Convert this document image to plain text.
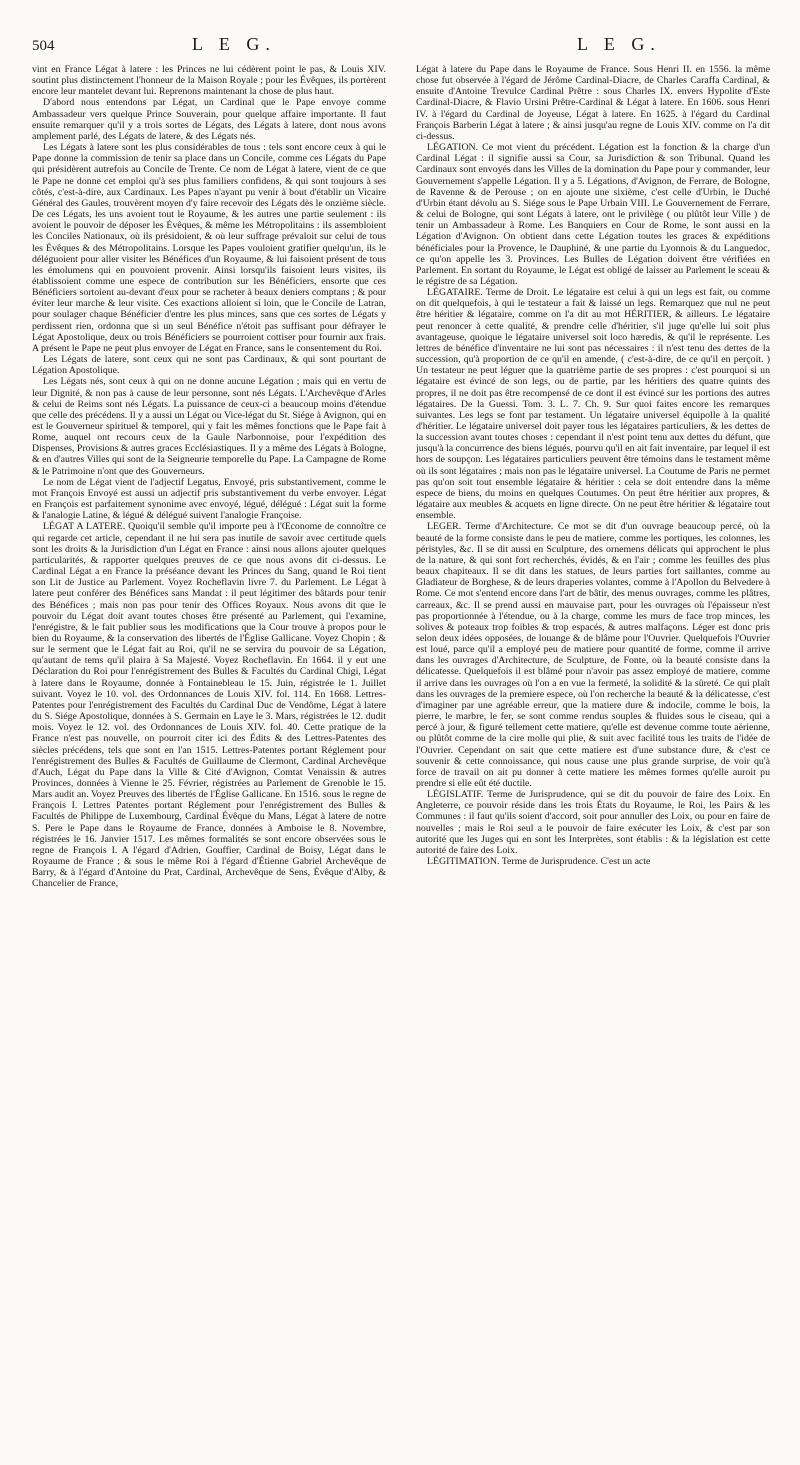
504	L E G.	L E G.

vint en France Légat à latere : les Princes ne lui cédèrent point le pas, & Louis XIV. soutint plus distinctement l'honneur de la Maison Royale ; pour les Évêques, ils portèrent encore leur mantelet devant lui. Reprenons maintenant la chose de plus haut.

D'abord nous entendons par Légat, un Cardinal que le Pape envoye comme Ambassadeur vers quelque Prince Souverain, pour quelque affaire importante. Il faut ensuite remarquer qu'il y a trois sortes de Légats, des Légats à latere, dont nous avons amplement parlé, des Légats de latere, & des Légats nés.

Les Légats à latere sont les plus considérables de tous : tels sont encore ceux à qui le Pape donne la commission de tenir sa place dans un Concile, comme ces Légats du Pape qui présidèrent autrefois au Concile de Trente. Ce nom de Légat à latere, vient de ce que le Pape ne donne cet emploi qu'à ses plus familiers confidens, & qui sont toujours à ses côtés, c'est-à-dire, aux Cardinaux. Les Papes n'ayant pu venir à bout d'établir un Vicaire Général des Gaules, trouvèrent moyen d'y faire recevoir des Légats dès le onzième siècle. De ces Légats, les uns avoient tout le Royaume, & les autres une partie seulement : ils avoient le pouvoir de déposer les Évêques, & même les Métropolitains : ils assembloient les Conciles Nationaux, où ils présidoient, & où leur suffrage prévaloit sur celui de tous les Évêques & des Métropolitains. Lorsque les Papes vouloient gratifier quelqu'un, ils le déléguoient pour aller visiter les Bénéfices d'un Royaume, & lui faisoient présent de tous les émolumens qui en pouvoient provenir. Ainsi lorsqu'ils faisoient leurs visites, ils établissoient comme une espece de contribution sur les Bénéficiers, ensorte que ces Bénéficiers sortoient au-devant d'eux pour se racheter à beaux deniers comptans ; & pour éviter leur marche & leur visite. Ces exactions alloient si loin, que le Concile de Latran, pour soulager chaque Bénéficier d'entre les plus minces, sans que ces sortes de Légats y perdissent rien, ordonna que si un seul Bénéfice n'étoit pas suffisant pour défrayer le Légat Apostolique, deux ou trois Bénéficiers se pourroient cottiser pour fournir aux frais. A présent le Pape ne peut plus envoyer de Légat en France, sans le consentement du Roi.

Les Légats de latere, sont ceux qui ne sont pas Cardinaux, & qui sont pourtant de Légation Apostolique.

Les Légats nés, sont ceux à qui on ne donne aucune Légation ; mais qui en vertu de leur Dignité, & non pas à cause de leur personne, sont nés Légats. L'Archevêque d'Arles & celui de Reims sont nés Légats. La puissance de ceux-ci a beaucoup moins d'étendue que celle des précédens. Il y a aussi un Légat ou Vice-légat du St. Siége à Avignon, qui en est le Gouverneur spirituel & temporel, qui y fait les mêmes fonctions que le Pape fait à Rome, auquel ont recours ceux de la Gaule Narbonnoise, pour l'expédition des Dispenses, Provisions & autres graces Ecclésiastiques. Il y a même des Légats à Bologne, & en d'autres Villes qui sont de la Seigneurie temporelle du Pape. La Campagne de Rome & le Patrimoine n'ont que des Gouverneurs.

Le nom de Légat vient de l'adjectif Legatus, Envoyé, pris substantivement, comme le mot François Envoyé est aussi un adjectif pris substantivement du verbe envoyer. Légat en François est parfaitement synonime avec envoyé, légué, délégué : Légat suit la forme & l'analogie Latine, & légué & délégué suivent l'analogie Françoise.

LÉGAT A LATERE. Quoiqu'il semble qu'il importe peu à l'Œconome de connoître ce qui regarde cet article, cependant il ne lui sera pas inutile de savoir avec certitude quels sont les droits & la Jurisdiction d'un Légat en France : ainsi nous allons ajouter quelques particularités, & rapporter quelques preuves de ce que nous avons dit ci-dessus. Le Cardinal Légat a en France la préséance devant les Princes du Sang, quand le Roi tient son Lit de Justice au Parlement. Voyez Rocheflavin livre 7. du Parlement. Le Légat à latere peut conférer des Bénéfices sans Mandat : il peut légitimer des bâtards pour tenir des Bénéfices ; mais non pas pour tenir des Offices Royaux. Nous avons dit que le pouvoir du Légat doit avant toutes choses être présenté au Parlement, qui l'examine, l'enrégistre, & le fait publier sous les modifications que la Cour trouve à propos pour le bien du Royaume, & la conservation des libertés de l'Église Gallicane. Voyez Chopin ; & sur le serment que le Légat fait au Roi, qu'il ne se servira du pouvoir de sa Légation, qu'autant de tems qu'il plaira à Sa Majesté. Voyez Rocheflavin. En 1664. il y eut une Déclaration du Roi pour l'enrégistrement des Bulles & Facultés du Cardinal Chigi, Légat à latere dans le Royaume, donnée à Fontainebleau le 15. Juin, régistrée le 1. Juillet suivant. Voyez le 10. vol. des Ordonnances de Louis XIV. fol. 114. En 1668. Lettres-Patentes pour l'enrégistrement des Facultés du Cardinal Duc de Vendôme, Légat à latere du S. Siége Apostolique, données à S. Germain en Laye le 3. Mars, régistrées le 12. dudit mois. Voyez le 12. vol. des Ordonnances de Louis XIV. fol. 40. Cette pratique de la France n'est pas nouvelle, on pourroit citer ici des Édits & des Lettres-Patentes des siècles précédens, tels que sont en l'an 1515. Lettres-Patentes portant Réglement pour l'enrégistrement des Bulles & Facultés de Guillaume de Clermont, Cardinal Archevêque d'Auch, Légat du Pape dans la Ville & Cité d'Avignon, Comtat Venaissin & autres Provinces, données à Vienne le 25. Février, régistrées au Parlement de Grenoble le 15. Mars audit an. Voyez Preuves des libertés de l'Église Gallicane. En 1516. sous le regne de François I. Lettres Patentes portant Réglement pour l'enrégistrement des Bulles & Facultés de Philippe de Luxembourg, Cardinal Évêque du Mans, Légat à latere de notre S. Pere le Pape dans le Royaume de France, données à Amboise le 8. Novembre, régistrées le 16. Janvier 1517. Les mêmes formalités se sont encore observées sous le regne de François I. A l'égard d'Adrien, Gouffier, Cardinal de Boisy, Légat dans le Royaume de France ; & sous le même Roi à l'égard d'Étienne Gabriel Archevêque de Barry, & à l'égard d'Antoine du Prat, Cardinal, Archevêque de Sens, Évêque d'Alby, & Chancelier de France,

Légat à latere du Pape dans le Royaume de France. Sous Henri II. en 1556. la même chose fut observée à l'égard de Jérôme Cardinal-Diacre, de Charles Caraffa Cardinal, & ensuite d'Antoine Trevulce Cardinal Prêtre : sous Charles IX. envers Hypolite d'Este Cardinal-Diacre, & Flavio Ursini Prêtre-Cardinal & Légat à latere. En 1606. sous Henri IV. à l'égard du Cardinal de Joyeuse, Légat à latere. En 1625. à l'égard du Cardinal François Barberin Légat à latere ; & ainsi jusqu'au regne de Louis XIV. comme on l'a dit ci-dessus.

LÉGATION. Ce mot vient du précédent. Légation est la fonction & la charge d'un Cardinal Légat : il signifie aussi sa Cour, sa Jurisdiction & son Tribunal. Quand les Cardinaux sont envoyés dans les Villes de la domination du Pape pour y commander, leur Gouvernement s'appelle Légation. Il y a 5. Légations, d'Avignon, de Ferrare, de Bologne, de Ravenne & de Perouse ; on en ajoute une sixième, c'est celle d'Urbin, le Duché d'Urbin étant dévolu au S. Siége sous le Pape Urbain VIII. Le Gouvernement de Ferrare, & celui de Bologne, qui sont Légats à latere, ont le privilège ( ou plûtôt leur Ville ) de tenir un Ambassadeur à Rome. Les Banquiers en Cour de Rome, le sont aussi en la Légation d'Avignon. On obtient dans cette Légation toutes les graces & expéditions bénéficiales pour la Provence, le Dauphiné, & une partie du Lyonnois & du Languedoc, ce qu'on appelle les 3. Provinces. Les Bulles de Légation doivent être vérifiées en Parlement. En sortant du Royaume, le Légat est obligé de laisser au Parlement le sceau & le régistre de sa Légation.

LÉGATAIRE. Terme de Droit. Le légataire est celui à qui un legs est fait, ou comme on dit quelquefois, à qui le testateur a fait & laissé un legs. Remarquez que nul ne peut être héritier & légataire, comme on l'a dit au mot HÉRITIER, & ailleurs. Le légataire peut renoncer à cette qualité, & prendre celle d'héritier, s'il juge qu'elle lui soit plus avantageuse, quoique le légataire universel soit loco hæredis, & qu'il le représente. Les lettres de bénéfice d'inventaire ne lui sont pas nécessaires : il n'est tenu des dettes de la succession, qu'à proportion de ce qu'il en amende, ( c'est-à-dire, de ce qu'il en perçoit. ) Un testateur ne peut léguer que la quatrième partie de ses propres : c'est pourquoi si un légataire est évincé de son legs, ou de partie, par les héritiers des quatre quints des propres, il ne doit pas être recompensé de ce dont il est évincé sur les portions des autres légataires. De la Guessi. Tom. 3. L. 7. Ch. 9. Sur quoi faites encore les remarques suivantes. Les legs se font par testament. Un légataire universel équipolle à la qualité d'héritier. Le légataire universel doit payer tous les légataires particuliers, & les dettes de la succession avant toutes choses : cependant il n'est point tenu aux dettes du défunt, que jusqu'à la concurrence des biens légués, pourvu qu'il en ait fait inventaire, par lequel il est hors de soupçon. Les légataires particuliers peuvent être témoins dans le testament même où ils sont légataires ; mais non pas le légataire universel. La Coutume de Paris ne permet pas qu'on soit tout ensemble légataire & héritier : cela se doit entendre dans la même espece de biens, du moins en quelques Coutumes. On peut être héritier aux propres, & légataire aux meubles & acquets en ligne directe. On ne peut être héritier & légataire tout ensemble.

LEGER. Terme d'Architecture. Ce mot se dit d'un ouvrage beaucoup percé, où la beauté de la forme consiste dans le peu de matiere, comme les portiques, les colonnes, les péristyles, &c. Il se dit aussi en Sculpture, des ornemens délicats qui approchent le plus de la nature, & qui sont fort recherchés, évidés, & en l'air ; comme les feuilles des plus beaux chapiteaux. Il se dit dans les statues, de leurs parties fort saillantes, comme au Gladiateur de Borghese, & de leurs draperies volantes, comme à l'Apollon du Belvedere à Rome. Ce mot s'entend encore dans l'art de bâtir, des menus ouvrages, comme les plâtres, carreaux, &c. Il se prend aussi en mauvaise part, pour les ouvrages où l'épaisseur n'est pas proportionnée à l'étendue, ou à la charge, comme les murs de face trop minces, les solives & poteaux trop foibles & trop espacés, & autres malfaçons. Léger est donc pris selon deux idées opposées, de louange & de blâme pour l'Ouvrier. Quelquefois l'Ouvrier est loué, parce qu'il a employé peu de matiere pour quantité de forme, comme il arrive dans les ouvrages d'Architecture, de Sculpture, de Fonte, où la beauté consiste dans la délicatesse. Quelquefois il est blâmé pour n'avoir pas assez employé de matiere, comme il arrive dans les ouvrages où l'on a en vue la fermeté, la solidité & la sûreté. Ce qui plaît dans les ouvrages de la premiere espece, où l'on recherche la beauté & la délicatesse, c'est d'imaginer par une agréable erreur, que la matiere dure & indocile, comme le bois, la pierre, le marbre, le fer, se sont comme rendus souples & fluides sous le ciseau, qui a percé à jour, & figuré tellement cette matiere, qu'elle est devenue comme toute aërienne, ou plûtôt comme de la cire molle qui plie, & suit avec facilité tous les traits de l'idée de l'Ouvrier. Cependant on sait que cette matiere est d'une substance dure, & c'est ce souvenir & cette connoissance, qui nous cause une plus grande surprise, de voir qu'à force de travail on ait pu donner à cette matiere les mêmes formes qu'elle auroit pu prendre si elle eût été ductile.

LÉGISLATIF. Terme de Jurisprudence, qui se dit du pouvoir de faire des Loix. En Angleterre, ce pouvoir réside dans les trois États du Royaume, le Roi, les Pairs & les Communes : il faut qu'ils soient d'accord, soit pour annuller des Loix, ou pour en faire de nouvelles ; mais le Roi seul a le pouvoir de faire exécuter les Loix, & c'est par son autorité que les Juges qui en sont les Interprètes, sont établis : & la législation est cette autorité de faire des Loix.

LÉGITIMATION. Terme de Jurisprudence. C'est un acte
